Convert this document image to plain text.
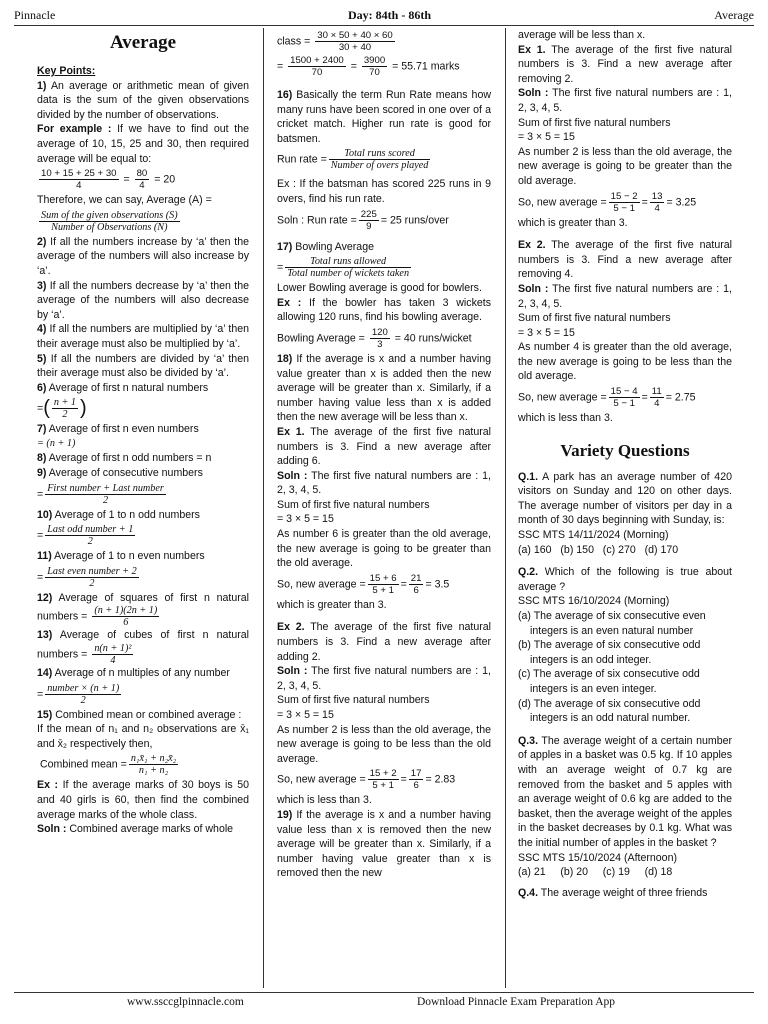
Pinnacle	Day: 84th - 86th	Average
Average

Key Points:

1) An average or arithmetic mean of given data is the sum of the given observations divided by the number of observations.

For example : If we have to find out the average of 10, 15, 25 and 30, then required average will be equal to:

$\frac{10 + 15 + 25 + 30}{4} = \frac{80}{4} = 20$

Therefore, we can say, Average (A) =

$\frac{\text{Sum of the given observations (S)}}{\text{Number of Observations (N)}}$

2) If all the numbers increase by ‘a’ then the average of the numbers will also increase by ‘a’.

3) If all the numbers decrease by ‘a’ then the average of the numbers will also decrease by ‘a’.

4) If all the numbers are multiplied by ‘a’ then their average must also be multiplied by ‘a’.

5) If all the numbers are divided by ‘a’ then their average must also be divided by ‘a’.

6) Average of first n natural numbers

=( $\frac{n + 1}{2}$ )

7) Average of first n even numbers

= (n + 1)

8) Average of first n odd numbers = n

9) Average of consecutive numbers

= $\frac{\text{First number + Last number}}{2}$

10) Average of 1 to n odd numbers

= $\frac{\text{Last odd number + 1}}{2}$

11) Average of 1 to n even numbers

= $\frac{\text{Last even number + 2}}{2}$

12) Average of squares of first n natural numbers = $\frac{(n + 1)(2n + 1)}{6}$

13) Average of cubes of first n natural numbers = $\frac{\text{n(n + 1)²}}{4}$

14) Average of n multiples of any number

= $\frac{\text{number × (n + 1)}}{2}$

15) Combined mean or combined average :

If the mean of n₁ and n₂ observations are x̄₁ and x̄₂ respectively then,

Combined mean = $\frac{\text{n₁x̄₁ + n₂x̄₂}}{\text{n₁ + n₂}}$

Ex : If the average marks of 30 boys is 50 and 40 girls is 60, then find the combined average marks of the whole class.

Soln : Combined average marks of whole

class = $\frac{30 \times 50 + 40 \times 60}{30 + 40}$
= $\frac{1500 + 2400}{70} = \frac{3900}{70} = 55.71$ marks

16) Basically the term Run Rate means how many runs have been scored in one over of a cricket match. Higher run rate is good for batsmen.

Run rate = $\frac{\text{Total runs scored}}{\text{Number of overs played}}$

Ex : If the batsman has scored 225 runs in 9 overs, find his run rate.

Soln : Run rate = $\frac{225}{9} = 25$ runs/over

17) Bowling Average

= $\frac{\text{Total runs allowed}}{\text{Total number of wickets taken}}$

Lower Bowling average is good for bowlers.

Ex : If the bowler has taken 3 wickets allowing 120 runs, find his bowling average.

Bowling Average = $\frac{120}{3} = 40$ runs/wicket

18) If the average is x and a number having value greater than x is added then the new average will be greater than x. Similarly, if a number having value less than x is added then the new average will be less than x.

Ex 1. The average of the first five natural numbers is 3. Find a new average after adding 6.

Soln : The first five natural numbers are : 1, 2, 3, 4, 5.

Sum of first five natural numbers

= 3 × 5 = 15

As number 6 is greater than the old average, the new average is going to be greater than the old average.

So, new average = $\frac{15 + 6}{5 + 1} = \frac{21}{6} = 3.5$

which is greater than 3.

Ex 2. The average of the first five natural numbers is 3. Find a new average after adding 2.

Soln : The first five natural numbers are : 1, 2, 3, 4, 5.

Sum of first five natural numbers

= 3 × 5 = 15

As number 2 is less than the old average, the new average is going to be less than the old average.

So, new average = $\frac{15 + 2}{5 + 1} = \frac{17}{6} = 2.83$

which is less than 3.

19) If the average is x and a number having value less than x is removed then the new average will be greater than x. Similarly, if a number having value greater than x is removed then the new

average will be less than x.

Ex 1. The average of the first five natural numbers is 3. Find a new average after removing 2.

Soln : The first five natural numbers are : 1, 2, 3, 4, 5.

Sum of first five natural numbers

= 3 × 5 = 15

As number 2 is less than the old average, the new average is going to be greater than the old average.

So, new average = $\frac{15 - 2}{5 - 1} = \frac{13}{4} = 3.25$

which is greater than 3.

Ex 2. The average of the first five natural numbers is 3. Find a new average after removing 4.

Soln : The first five natural numbers are : 1, 2, 3, 4, 5.

Sum of first five natural numbers

= 3 × 5 = 15

As number 4 is greater than the old average, the new average is going to be less than the old average.

So, new average = $\frac{15 - 4}{5 - 1} = \frac{11}{4} = 2.75$

which is less than 3.

Variety Questions

Q.1. A park has an average number of 420 visitors on Sunday and 120 on other days. The average number of visitors per day in a month of 30 days beginning with Sunday, is:

SSC MTS 14/11/2024 (Morning)

(a) 160   (b) 150   (c) 270   (d) 170

Q.2. Which of the following is true about average ?

SSC MTS 16/10/2024 (Morning)

(a) The average of six consecutive even integers is an even natural number

(b) The average of six consecutive odd integers is an odd integer.

(c) The average of six consecutive odd integers is an even integer.

(d) The average of six consecutive odd integers is an odd natural number.

Q.3. The average weight of a certain number of apples in a basket was 0.5 kg. If 10 apples with an average weight of 0.7 kg are removed from the basket and 5 apples with an average weight of 0.6 kg are added to the basket, then the average weight of the apples in the basket decreases by 0.1 kg. What was the initial number of apples in the basket ?

SSC MTS 15/10/2024 (Afternoon)

(a) 21     (b) 20     (c) 19     (d) 18

Q.4. The average weight of three friends

www.ssccglpinnacle.com	Download Pinnacle Exam Preparation App
